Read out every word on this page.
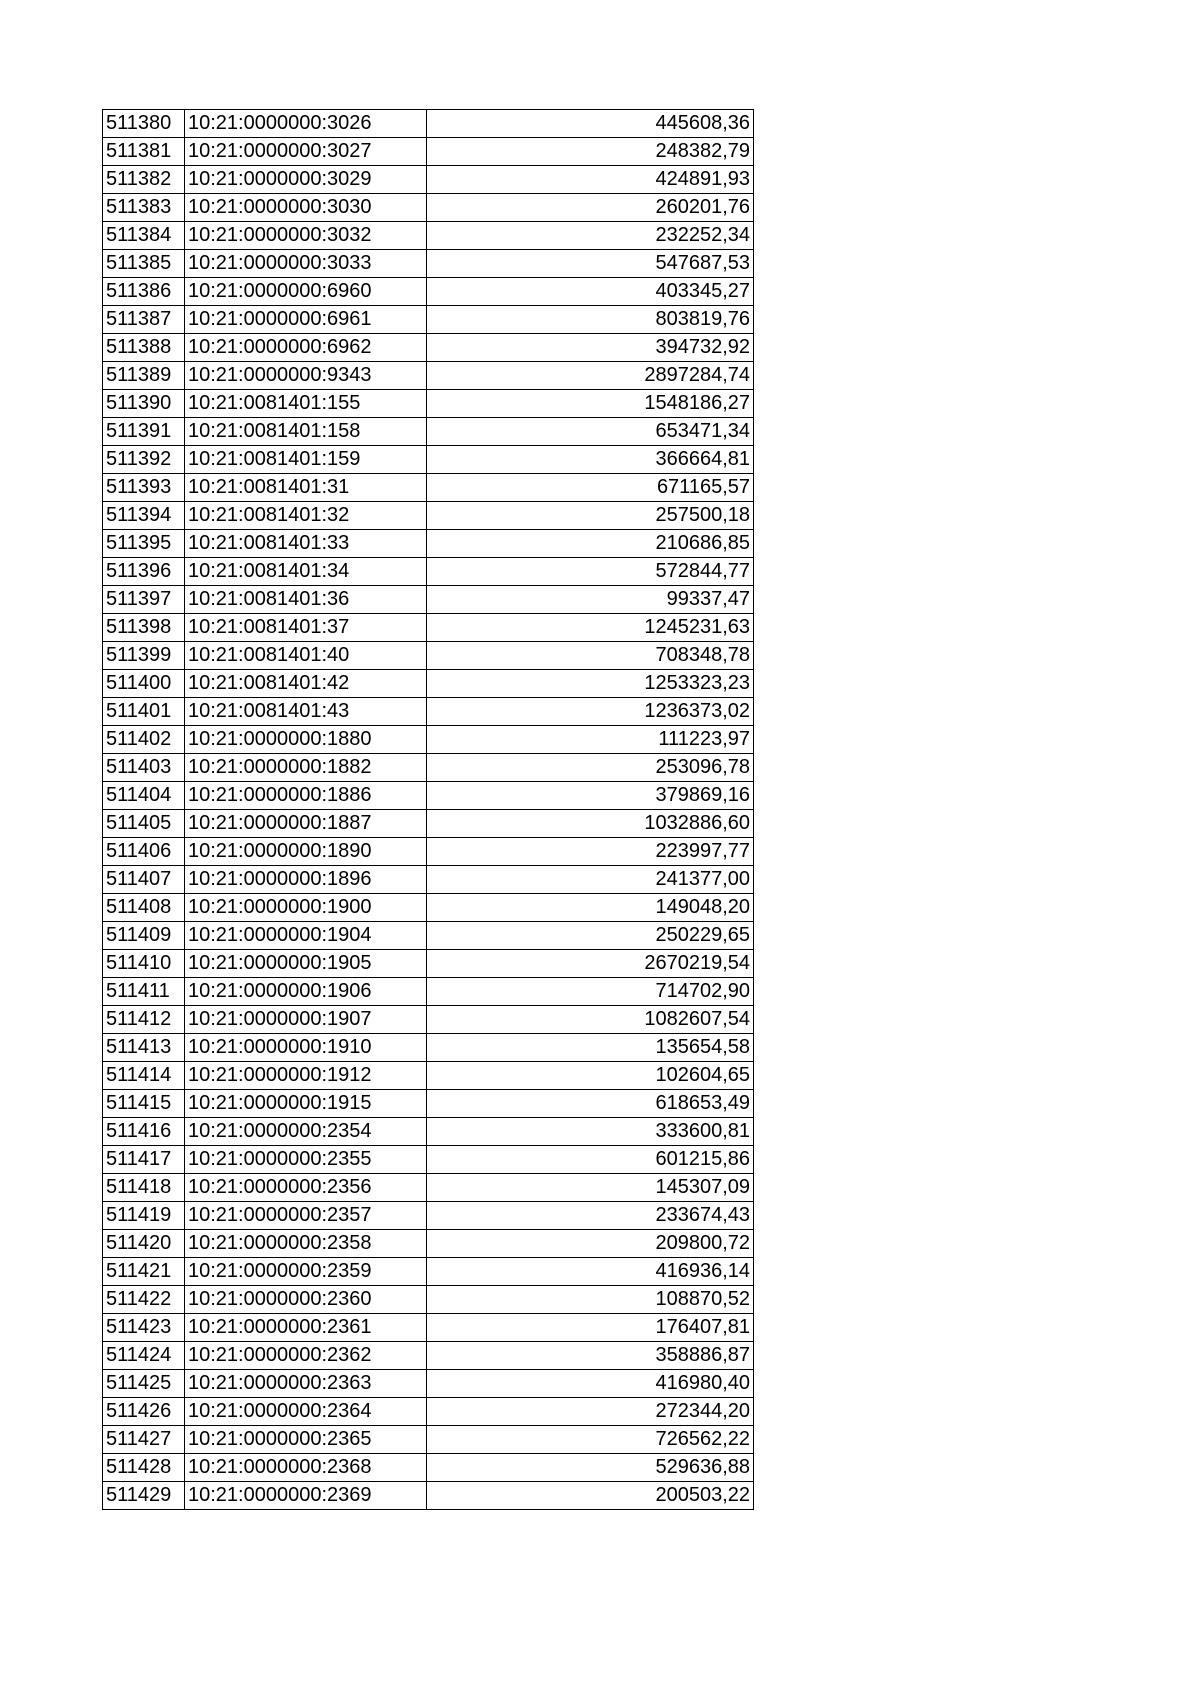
511380	10:21:0000000:3026	445608,36
511381	10:21:0000000:3027	248382,79
511382	10:21:0000000:3029	424891,93
511383	10:21:0000000:3030	260201,76
511384	10:21:0000000:3032	232252,34
511385	10:21:0000000:3033	547687,53
511386	10:21:0000000:6960	403345,27
511387	10:21:0000000:6961	803819,76
511388	10:21:0000000:6962	394732,92
511389	10:21:0000000:9343	2897284,74
511390	10:21:0081401:155	1548186,27
511391	10:21:0081401:158	653471,34
511392	10:21:0081401:159	366664,81
511393	10:21:0081401:31	671165,57
511394	10:21:0081401:32	257500,18
511395	10:21:0081401:33	210686,85
511396	10:21:0081401:34	572844,77
511397	10:21:0081401:36	99337,47
511398	10:21:0081401:37	1245231,63
511399	10:21:0081401:40	708348,78
511400	10:21:0081401:42	1253323,23
511401	10:21:0081401:43	1236373,02
511402	10:21:0000000:1880	111223,97
511403	10:21:0000000:1882	253096,78
511404	10:21:0000000:1886	379869,16
511405	10:21:0000000:1887	1032886,60
511406	10:21:0000000:1890	223997,77
511407	10:21:0000000:1896	241377,00
511408	10:21:0000000:1900	149048,20
511409	10:21:0000000:1904	250229,65
511410	10:21:0000000:1905	2670219,54
511411	10:21:0000000:1906	714702,90
511412	10:21:0000000:1907	1082607,54
511413	10:21:0000000:1910	135654,58
511414	10:21:0000000:1912	102604,65
511415	10:21:0000000:1915	618653,49
511416	10:21:0000000:2354	333600,81
511417	10:21:0000000:2355	601215,86
511418	10:21:0000000:2356	145307,09
511419	10:21:0000000:2357	233674,43
511420	10:21:0000000:2358	209800,72
511421	10:21:0000000:2359	416936,14
511422	10:21:0000000:2360	108870,52
511423	10:21:0000000:2361	176407,81
511424	10:21:0000000:2362	358886,87
511425	10:21:0000000:2363	416980,40
511426	10:21:0000000:2364	272344,20
511427	10:21:0000000:2365	726562,22
511428	10:21:0000000:2368	529636,88
511429	10:21:0000000:2369	200503,22
